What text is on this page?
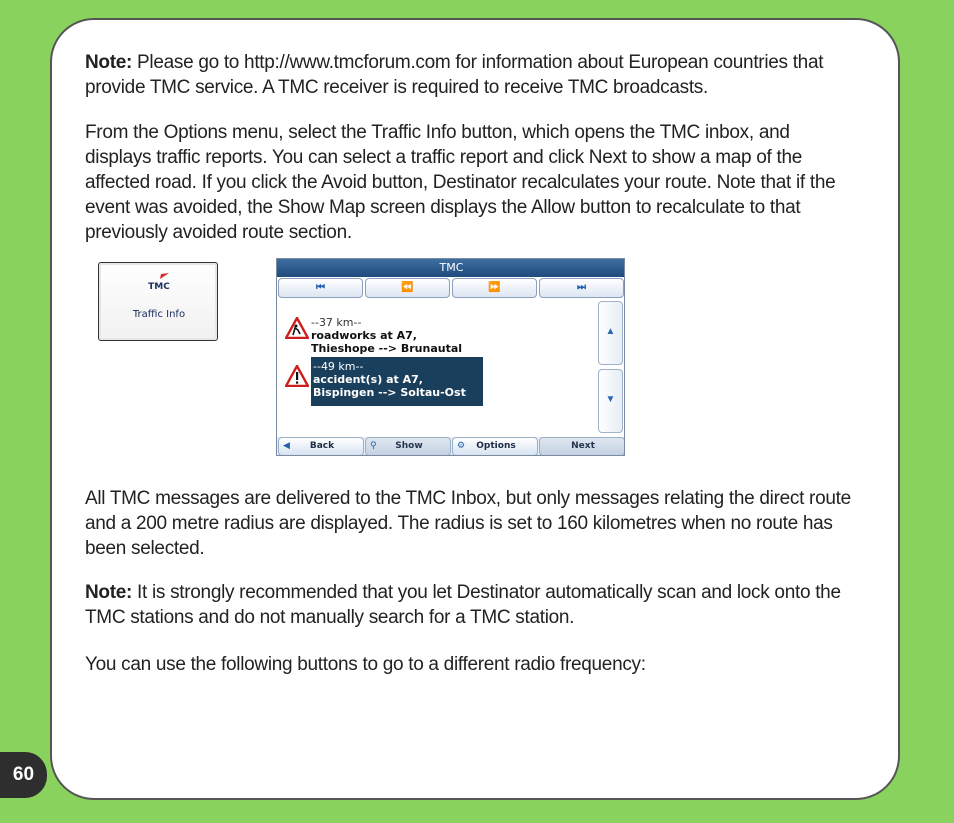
60
Note: Please go to http://www.tmcforum.com for information about European countries that provide TMC service. A TMC receiver is required to receive TMC broadcasts.
From the Options menu, select the Traffic Info button, which opens the TMC inbox, and displays traffic reports. You can select a traffic report and click Next to show a map of the affected road. If you click the Avoid button, Destinator recalculates your route. Note that if the event was avoided, the Show Map screen displays the Allow button to recalculate to that previously avoided route section.
TMC
Traffic Info
TMC
⏮	⏪	⏩	⏭
--37 km--
roadworks at A7,
Thieshope --> Brunautal
--49 km--
accident(s) at A7,
Bispingen --> Soltau-Ost
▲
▼
◀	Back	⚲	Show	⚙	Options	Next
All TMC messages are delivered to the TMC Inbox, but only messages relating the direct route and a 200 metre radius are displayed. The radius is set to 160 kilometres when no route has been selected.
Note: It is strongly recommended that you let Destinator automatically scan and lock onto the TMC stations and do not manually search for a TMC station.
You can use the following buttons to go to a different radio frequency:
